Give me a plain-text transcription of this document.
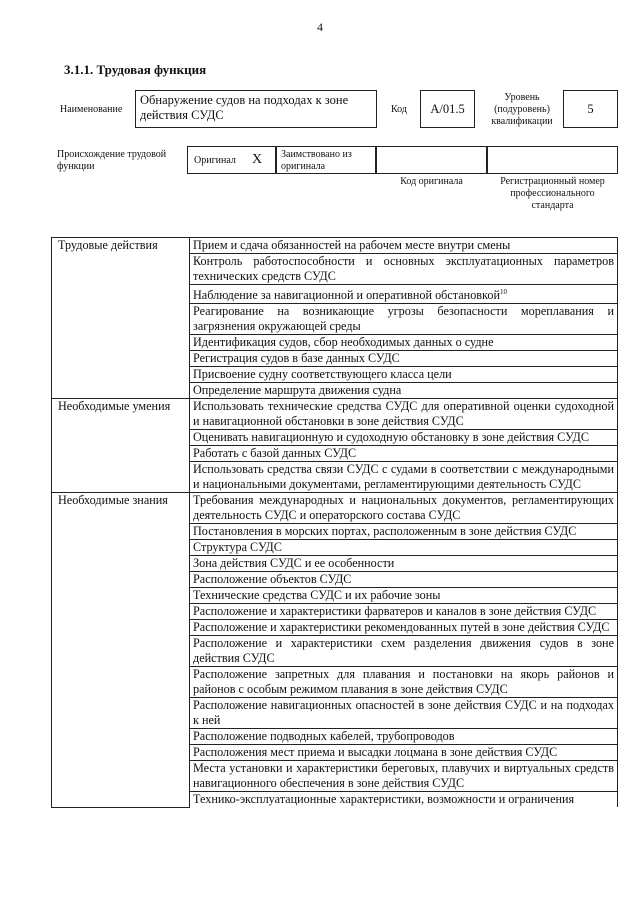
4
3.1.1. Трудовая функция
Наименование
Обнаружение судов на подходах к зоне действия СУДС	Код	A/01.5
Уровень (подуровень) квалификации
5
Происхождение трудовой функции
Оригинал X	Заимствовано из оригинала
Код оригинала	Регистрационный номер профессионального стандарта
Трудовые действия	Прием и сдача обязанностей на рабочем месте внутри смены
	Контроль работоспособности и основных эксплуатационных параметров технических средств СУДС
	Наблюдение за навигационной и оперативной обстановкой$^{10}$
	Реагирование на возникающие угрозы безопасности мореплавания и загрязнения окружающей среды
	Идентификация судов, сбор необходимых данных о судне
	Регистрация судов в базе данных СУДС
	Присвоение судну соответствующего класса цели
	Определение маршрута движения судна
Необходимые умения	Использовать технические средства СУДС для оперативной оценки судоходной и навигационной обстановки в зоне действия СУДС
	Оценивать навигационную и судоходную обстановку в зоне действия СУДС
	Работать с базой данных СУДС
	Использовать средства связи СУДС с судами в соответствии с международными и национальными документами, регламентирующими деятельность СУДС
Необходимые знания	Требования международных и национальных документов, регламентирующих деятельность СУДС и операторского состава СУДС
	Постановления в морских портах, расположенным в зоне действия СУДС
	Структура СУДС
	Зона действия СУДС и ее особенности
	Расположение объектов СУДС
	Технические средства СУДС и их рабочие зоны
	Расположение и характеристики фарватеров и каналов в зоне действия СУДС
	Расположение и характеристики рекомендованных путей в зоне действия СУДС
	Расположение и характеристики схем разделения движения судов в зоне действия СУДС
	Расположение запретных для плавания и постановки на якорь районов и районов с особым режимом плавания в зоне действия СУДС
	Расположение навигационных опасностей в зоне действия СУДС и на подходах к ней
	Расположение подводных кабелей, трубопроводов
	Расположения мест приема и высадки лоцмана в зоне действия СУДС
	Места установки и характеристики береговых, плавучих и виртуальных средств навигационного обеспечения в зоне действия СУДС
	Технико-эксплуатационные характеристики, возможности и ограничения
